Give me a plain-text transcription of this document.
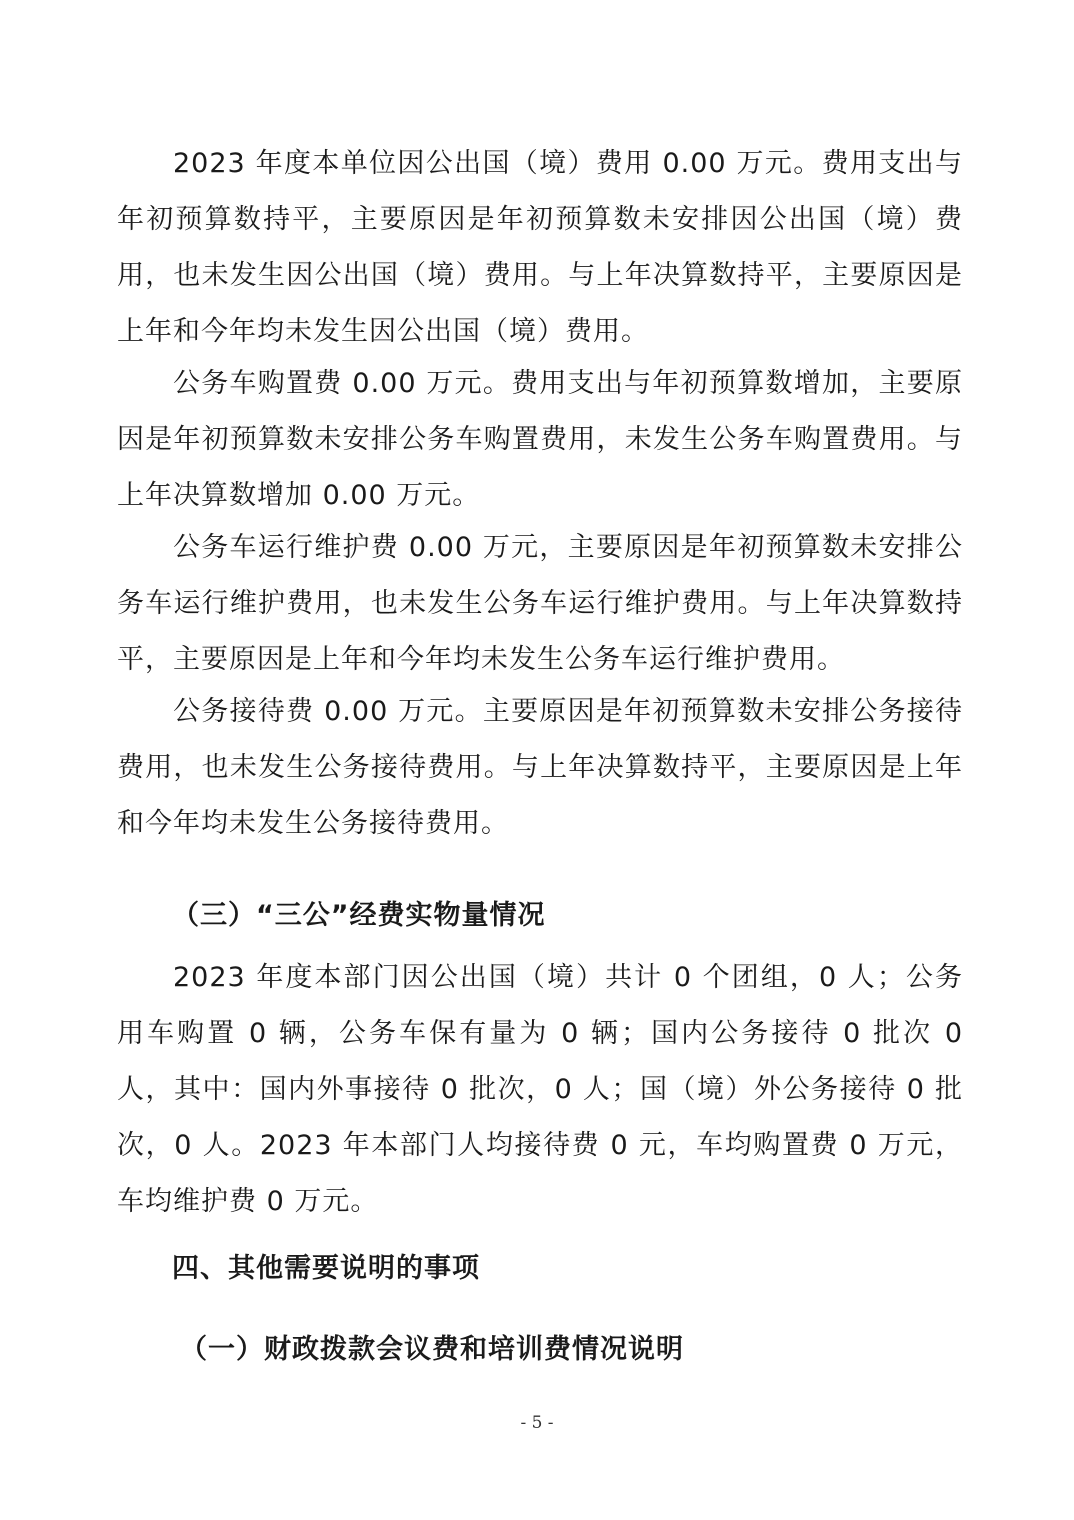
2023 年度本单位因公出国（境）费用 0.00 万元。费用支出与年初预算数持平，主要原因是年初预算数未安排因公出国（境）费用，也未发生因公出国（境）费用。与上年决算数持平，主要原因是上年和今年均未发生因公出国（境）费用。

公务车购置费 0.00 万元。费用支出与年初预算数增加，主要原因是年初预算数未安排公务车购置费用，未发生公务车购置费用。与上年决算数增加 0.00 万元。

公务车运行维护费 0.00 万元，主要原因是年初预算数未安排公务车运行维护费用，也未发生公务车运行维护费用。与上年决算数持平，主要原因是上年和今年均未发生公务车运行维护费用。

公务接待费 0.00 万元。主要原因是年初预算数未安排公务接待费用，也未发生公务接待费用。与上年决算数持平，主要原因是上年和今年均未发生公务接待费用。

（三）“三公”经费实物量情况

2023 年度本部门因公出国（境）共计 0 个团组，0 人；公务用车购置 0 辆，公务车保有量为 0 辆；国内公务接待 0 批次 0 人，其中：国内外事接待 0 批次，0 人；国（境）外公务接待 0 批次，0 人。2023 年本部门人均接待费 0 元，车均购置费 0 万元，车均维护费 0 万元。

四、其他需要说明的事项
（一）财政拨款会议费和培训费情况说明
- 5 -
